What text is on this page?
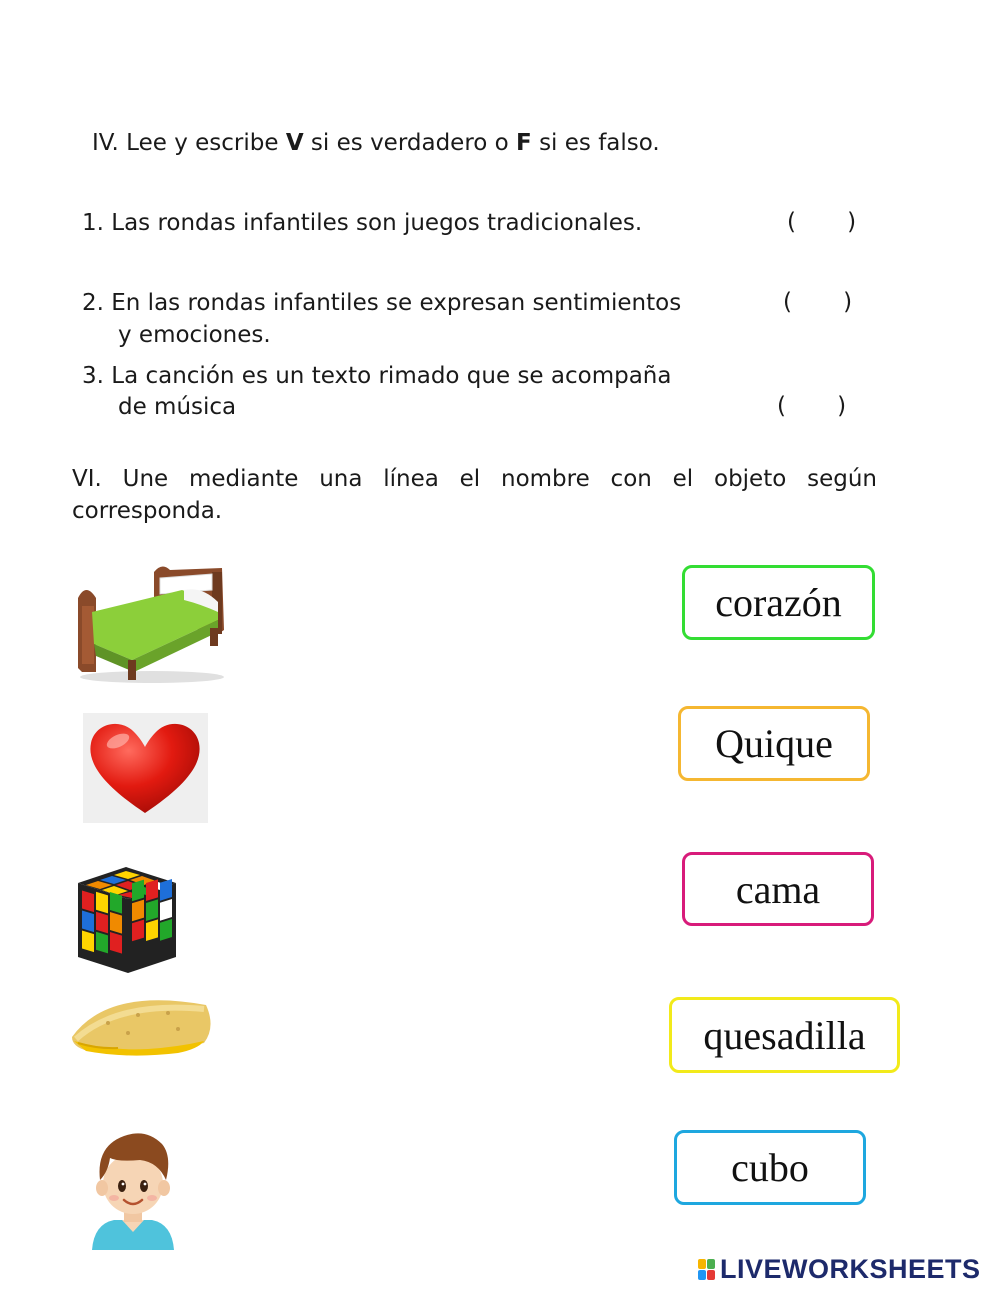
IV. Lee y escribe V si es verdadero o F si es falso.
1. Las rondas infantiles son juegos tradicionales.	(       )
2. En las rondas infantiles se expresan sentimientos
y emociones.
(       )
3. La canción es un texto rimado que se acompaña
de música	(       )
VI. Une mediante una línea el nombre con el objeto según corresponda.
corazón
Quique
cama
quesadilla
cubo
LIVEWORKSHEETS
